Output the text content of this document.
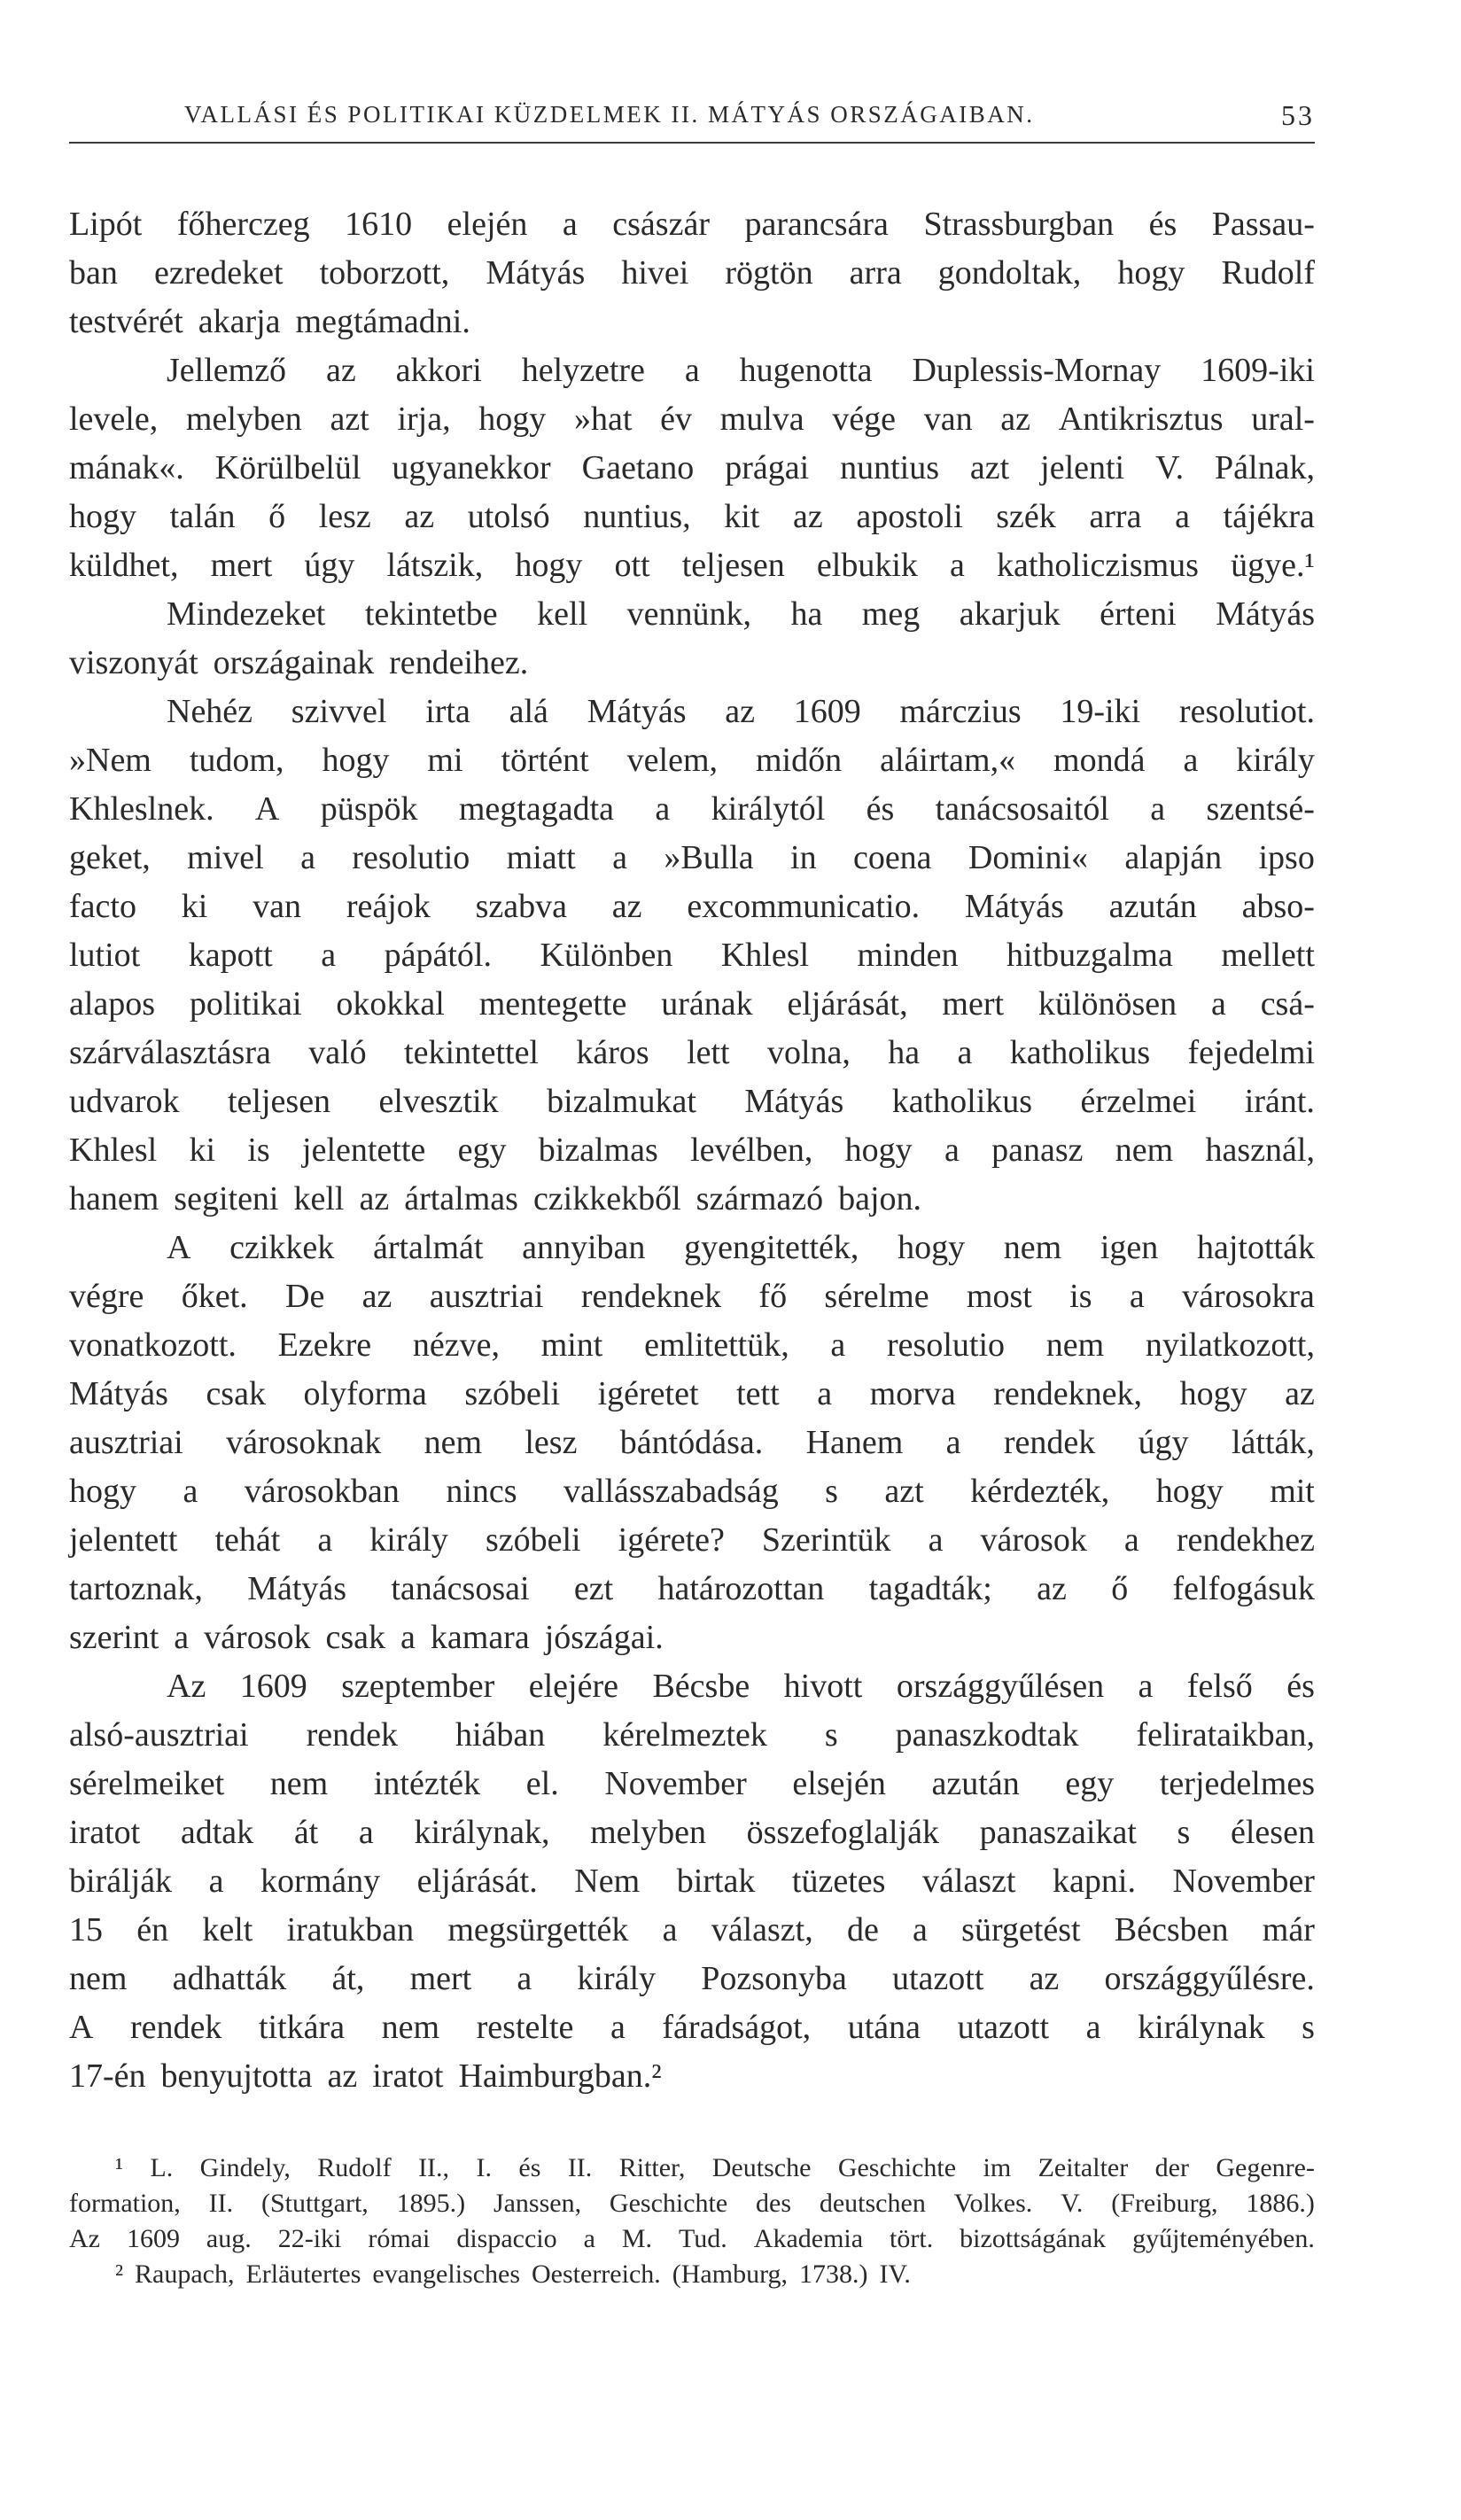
VALLÁSI ÉS POLITIKAI KÜZDELMEK II. MÁTYÁS ORSZÁGAIBAN.	53
Lipót főherczeg 1610 elején a császár parancsára Strassburgban és Passau-
ban ezredeket toborzott, Mátyás hivei rögtön arra gondoltak, hogy Rudolf
testvérét akarja megtámadni.
Jellemző az akkori helyzetre a hugenotta Duplessis-Mornay 1609-iki
levele, melyben azt irja, hogy »hat év mulva vége van az Antikrisztus ural-
mának«. Körülbelül ugyanekkor Gaetano prágai nuntius azt jelenti V. Pálnak,
hogy talán ő lesz az utolsó nuntius, kit az apostoli szék arra a tájékra
küldhet, mert úgy látszik, hogy ott teljesen elbukik a katholiczismus ügye.¹
Mindezeket tekintetbe kell vennünk, ha meg akarjuk érteni Mátyás
viszonyát országainak rendeihez.
Nehéz szivvel irta alá Mátyás az 1609 márczius 19-iki resolutiot.
»Nem tudom, hogy mi történt velem, midőn aláirtam,« mondá a király
Khleslnek. A püspök megtagadta a királytól és tanácsosaitól a szentsé-
geket, mivel a resolutio miatt a »Bulla in coena Domini« alapján ipso
facto ki van reájok szabva az excommunicatio. Mátyás azután abso-
lutiot kapott a pápától. Különben Khlesl minden hitbuzgalma mellett
alapos politikai okokkal mentegette urának eljárását, mert különösen a csá-
szárválasztásra való tekintettel káros lett volna, ha a katholikus fejedelmi
udvarok teljesen elvesztik bizalmukat Mátyás katholikus érzelmei iránt.
Khlesl ki is jelentette egy bizalmas levélben, hogy a panasz nem használ,
hanem segiteni kell az ártalmas czikkekből származó bajon.
A czikkek ártalmát annyiban gyengitették, hogy nem igen hajtották
végre őket. De az ausztriai rendeknek fő sérelme most is a városokra
vonatkozott. Ezekre nézve, mint emlitettük, a resolutio nem nyilatkozott,
Mátyás csak olyforma szóbeli igéretet tett a morva rendeknek, hogy az
ausztriai városoknak nem lesz bántódása. Hanem a rendek úgy látták,
hogy a városokban nincs vallásszabadság s azt kérdezték, hogy mit
jelentett tehát a király szóbeli igérete? Szerintük a városok a rendekhez
tartoznak, Mátyás tanácsosai ezt határozottan tagadták; az ő felfogásuk
szerint a városok csak a kamara jószágai.
Az 1609 szeptember elejére Bécsbe hivott országgyűlésen a felső és
alsó-ausztriai rendek hiában kérelmeztek s panaszkodtak felirataikban,
sérelmeiket nem intézték el. November elsején azután egy terjedelmes
iratot adtak át a királynak, melyben összefoglalják panaszaikat s élesen
birálják a kormány eljárását. Nem birtak tüzetes választ kapni. November
15 én kelt iratukban megsürgették a választ, de a sürgetést Bécsben már
nem adhatták át, mert a király Pozsonyba utazott az országgyűlésre.
A rendek titkára nem restelte a fáradságot, utána utazott a királynak s
17-én benyujtotta az iratot Haimburgban.²
¹ L. Gindely, Rudolf II., I. és II. Ritter, Deutsche Geschichte im Zeitalter der Gegenre-
formation, II. (Stuttgart, 1895.) Janssen, Geschichte des deutschen Volkes. V. (Freiburg, 1886.)
Az 1609 aug. 22-iki római dispaccio a M. Tud. Akademia tört. bizottságának gyűjteményében.
² Raupach, Erläutertes evangelisches Oesterreich. (Hamburg, 1738.) IV.
